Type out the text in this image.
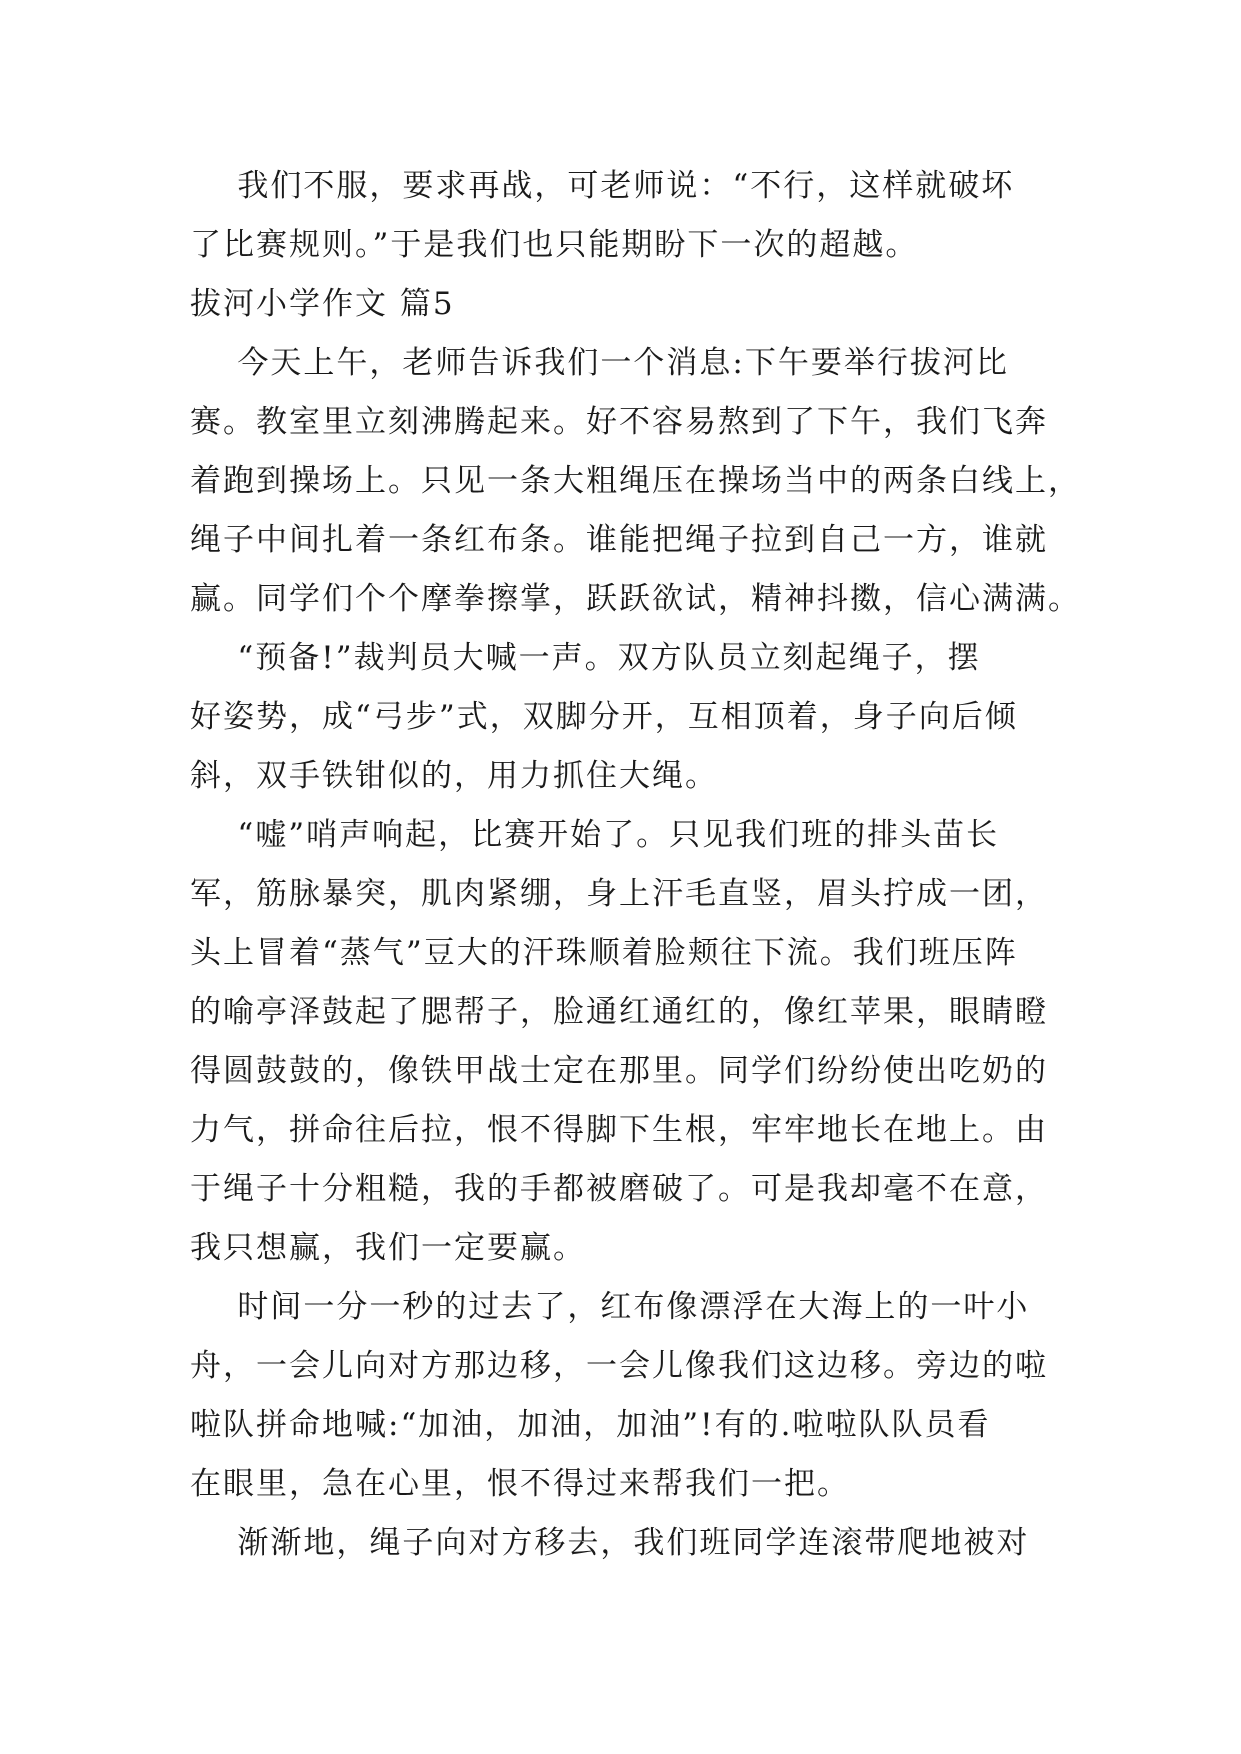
我们不服，要求再战，可老师说：“不行，这样就破坏
了比赛规则。”于是我们也只能期盼下一次的超越。
拔河小学作文 篇5
今天上午，老师告诉我们一个消息:下午要举行拔河比
赛。教室里立刻沸腾起来。好不容易熬到了下午，我们飞奔
着跑到操场上。只见一条大粗绳压在操场当中的两条白线上，
绳子中间扎着一条红布条。谁能把绳子拉到自己一方，谁就
赢。同学们个个摩拳擦掌，跃跃欲试，精神抖擞，信心满满。
“预备!”裁判员大喊一声。双方队员立刻起绳子，摆
好姿势，成“弓步”式，双脚分开，互相顶着，身子向后倾
斜，双手铁钳似的，用力抓住大绳。
“嘘”哨声响起，比赛开始了。只见我们班的排头苗长
军，筋脉暴突，肌肉紧绷，身上汗毛直竖，眉头拧成一团，
头上冒着“蒸气”豆大的汗珠顺着脸颊往下流。我们班压阵
的喻亭泽鼓起了腮帮子，脸通红通红的，像红苹果，眼睛瞪
得圆鼓鼓的，像铁甲战士定在那里。同学们纷纷使出吃奶的
力气，拼命往后拉，恨不得脚下生根，牢牢地长在地上。由
于绳子十分粗糙，我的手都被磨破了。可是我却毫不在意，
我只想赢，我们一定要赢。
时间一分一秒的过去了，红布像漂浮在大海上的一叶小
舟，一会儿向对方那边移，一会儿像我们这边移。旁边的啦
啦队拼命地喊:“加油，加油，加油”!有的.啦啦队队员看
在眼里，急在心里，恨不得过来帮我们一把。
渐渐地，绳子向对方移去，我们班同学连滚带爬地被对
